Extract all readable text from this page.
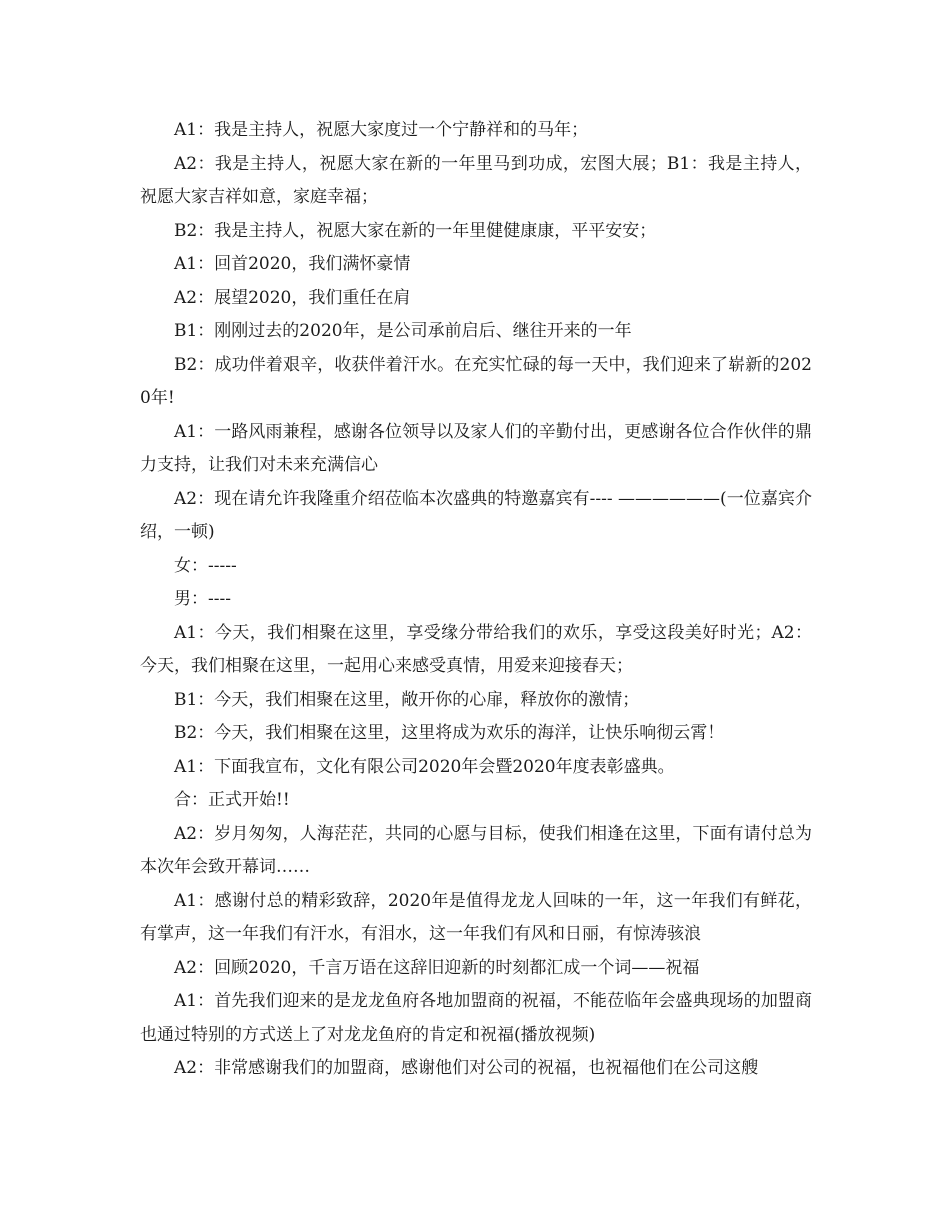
A1：我是主持人，祝愿大家度过一个宁静祥和的马年；

A2：我是主持人，祝愿大家在新的一年里马到功成，宏图大展；B1：我是主持人，祝愿大家吉祥如意，家庭幸福；

B2：我是主持人，祝愿大家在新的一年里健健康康，平平安安；

A1：回首2020，我们满怀豪情

A2：展望2020，我们重任在肩

B1：刚刚过去的2020年，是公司承前启后、继往开来的一年

B2：成功伴着艰辛，收获伴着汗水。在充实忙碌的每一天中，我们迎来了崭新的2020年!

A1：一路风雨兼程，感谢各位领导以及家人们的辛勤付出，更感谢各位合作伙伴的鼎力支持，让我们对未来充满信心

A2：现在请允许我隆重介绍莅临本次盛典的特邀嘉宾有---- ——————(一位嘉宾介绍，一顿)

女：-----

男：----

A1：今天，我们相聚在这里，享受缘分带给我们的欢乐，享受这段美好时光；A2：今天，我们相聚在这里，一起用心来感受真情，用爱来迎接春天；

B1：今天，我们相聚在这里，敞开你的心扉，释放你的激情；

B2：今天，我们相聚在这里，这里将成为欢乐的海洋，让快乐响彻云霄！

A1：下面我宣布，文化有限公司2020年会暨2020年度表彰盛典。

合：正式开始!!

A2：岁月匆匆，人海茫茫，共同的心愿与目标，使我们相逢在这里，下面有请付总为本次年会致开幕词……

A1：感谢付总的精彩致辞，2020年是值得龙龙人回味的一年，这一年我们有鲜花，有掌声，这一年我们有汗水，有泪水，这一年我们有风和日丽，有惊涛骇浪

A2：回顾2020，千言万语在这辞旧迎新的时刻都汇成一个词——祝福

A1：首先我们迎来的是龙龙鱼府各地加盟商的祝福，不能莅临年会盛典现场的加盟商也通过特别的方式送上了对龙龙鱼府的肯定和祝福(播放视频)

A2：非常感谢我们的加盟商，感谢他们对公司的祝福，也祝福他们在公司这艘
